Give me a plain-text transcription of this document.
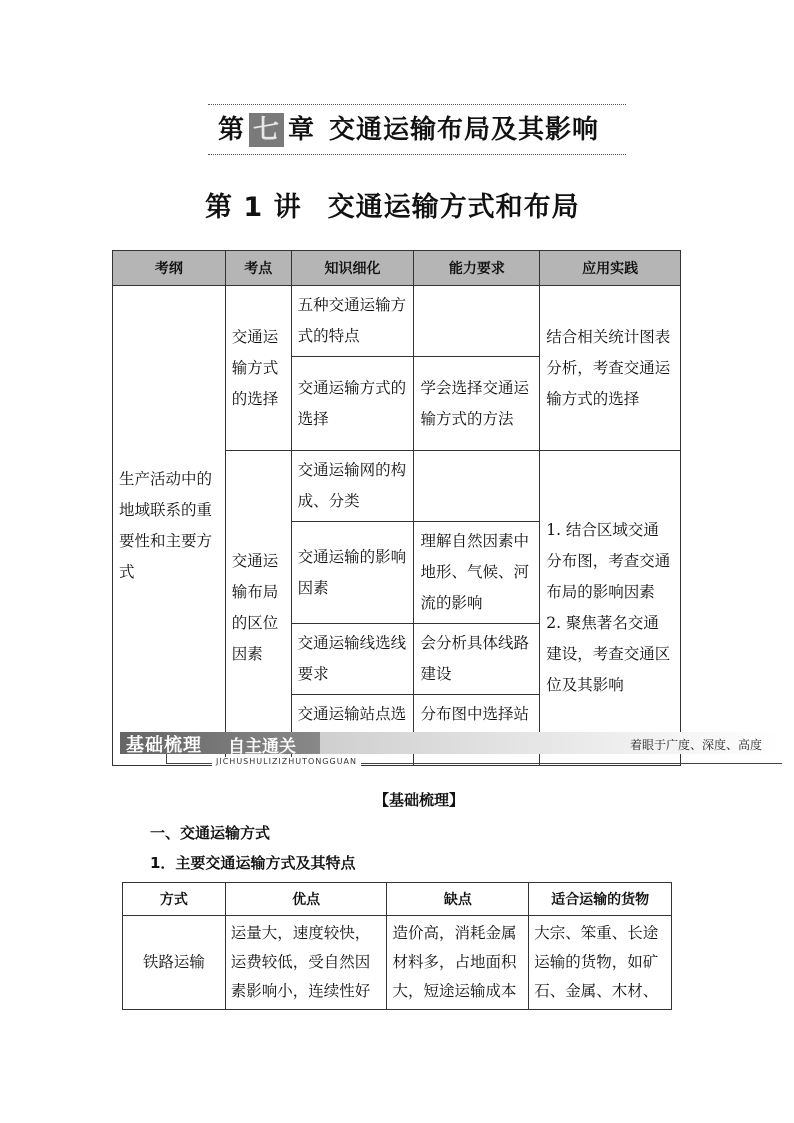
第 七 章 交通运输布局及其影响
第 1 讲 交通运输方式和布局
考纲	考点	知识细化	能力要求	应用实践
生产活动中的地域联系的重要性和主要方式	交通运输方式的选择	五种交通运输方式的特点		结合相关统计图表分析，考查交通运输方式的选择
		交通运输方式的选择	学会选择交通运输方式的方法	
	交通运输布局的区位因素	交通运输网的构成、分类		1. 结合区域交通分布图，考查交通布局的影响因素 2. 聚焦著名交通建设，考查交通区位及其影响
		交通运输的影响因素	理解自然因素中地形、气候、河流的影响	
		交通运输线选线要求	会分析具体线路建设	
		交通运输站点选	分布图中选择站	
基础梳理 自主通关	着眼于广度、深度、高度
JICHUSHULIZIZHUTONGGUAN
【基础梳理】
一、交通运输方式
1．主要交通运输方式及其特点
方式	优点	缺点	适合运输的货物
铁路运输	运量大，速度较快，运费较低，受自然因素影响小，连续性好	造价高，消耗金属材料多，占地面积大，短途运输成本	大宗、笨重、长途运输的货物，如矿石、金属、木材、
